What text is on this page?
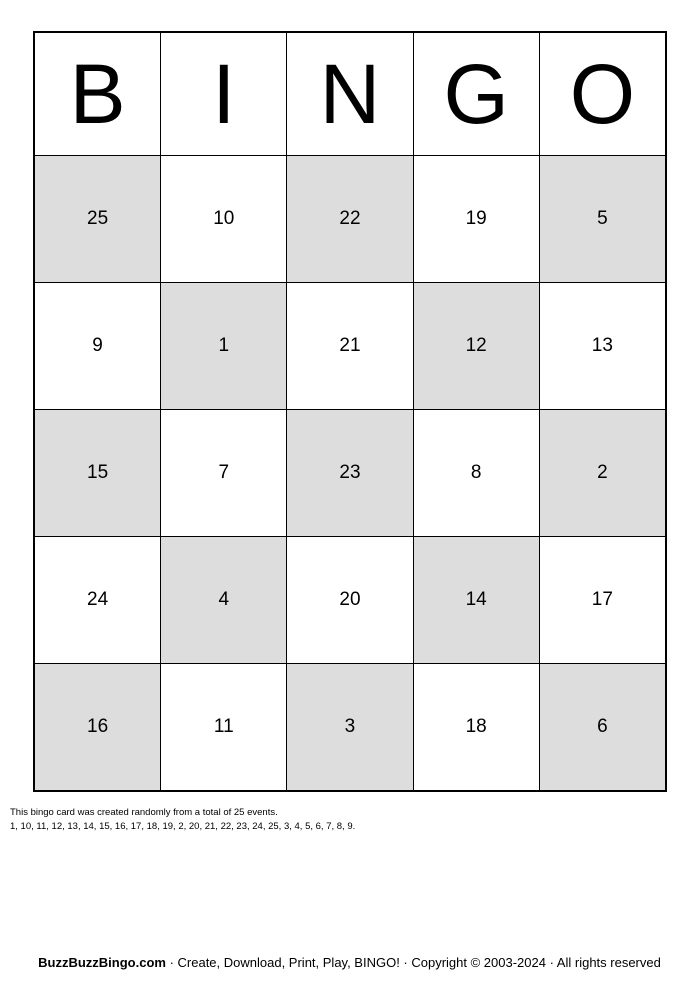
B	I	N	G	O
25	10	22	19	5
9	1	21	12	13
15	7	23	8	2
24	4	20	14	17
16	11	3	18	6
This bingo card was created randomly from a total of 25 events.
1, 10, 11, 12, 13, 14, 15, 16, 17, 18, 19, 2, 20, 21, 22, 23, 24, 25, 3, 4, 5, 6, 7, 8, 9.
BuzzBuzzBingo.com · Create, Download, Print, Play, BINGO! · Copyright © 2003-2024 · All rights reserved
